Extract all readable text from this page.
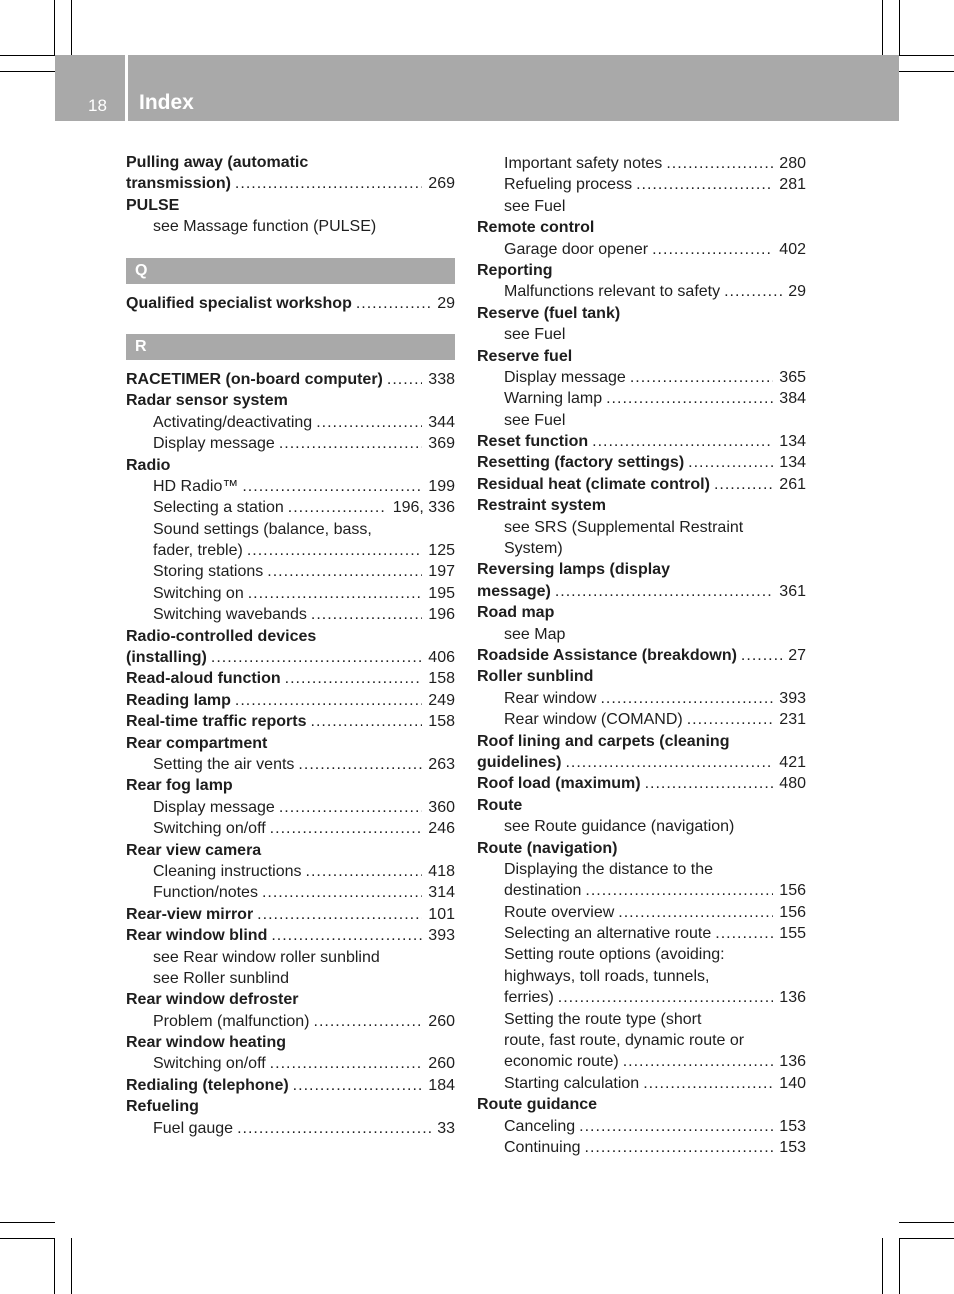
18 Index
Pulling away (automatic
transmission) .....	269
PULSE
see Massage function (PULSE)
Q
Qualified specialist workshop .....	29
R
RACETIMER (on-board computer) .....	338
Radar sensor system
Activating/deactivating .....	344
Display message .....	369
Radio
HD Radio™ .....	199
Selecting a station .....	196, 336
Sound settings (balance, bass,
fader, treble) .....	125
Storing stations .....	197
Switching on .....	195
Switching wavebands .....	196
Radio-controlled devices
(installing) .....	406
Read-aloud function .....	158
Reading lamp .....	249
Real-time traffic reports .....	158
Rear compartment
Setting the air vents .....	263
Rear fog lamp
Display message .....	360
Switching on/off .....	246
Rear view camera
Cleaning instructions .....	418
Function/notes .....	314
Rear-view mirror .....	101
Rear window blind .....	393
see Rear window roller sunblind
see Roller sunblind
Rear window defroster
Problem (malfunction) .....	260
Rear window heating
Switching on/off .....	260
Redialing (telephone) .....	184
Refueling
Fuel gauge .....	33
Important safety notes .....	280
Refueling process .....	281
see Fuel
Remote control
Garage door opener .....	402
Reporting
Malfunctions relevant to safety .....	29
Reserve (fuel tank)
see Fuel
Reserve fuel
Display message .....	365
Warning lamp .....	384
see Fuel
Reset function .....	134
Resetting (factory settings) .....	134
Residual heat (climate control) .....	261
Restraint system
see SRS (Supplemental Restraint
System)
Reversing lamps (display
message) .....	361
Road map
see Map
Roadside Assistance (breakdown) .....	27
Roller sunblind
Rear window .....	393
Rear window (COMAND) .....	231
Roof lining and carpets (cleaning
guidelines) .....	421
Roof load (maximum) .....	480
Route
see Route guidance (navigation)
Route (navigation)
Displaying the distance to the
destination .....	156
Route overview .....	156
Selecting an alternative route .....	155
Setting route options (avoiding:
highways, toll roads, tunnels,
ferries) .....	136
Setting the route type (short
route, fast route, dynamic route or
economic route) .....	136
Starting calculation .....	140
Route guidance
Canceling .....	153
Continuing .....	153
